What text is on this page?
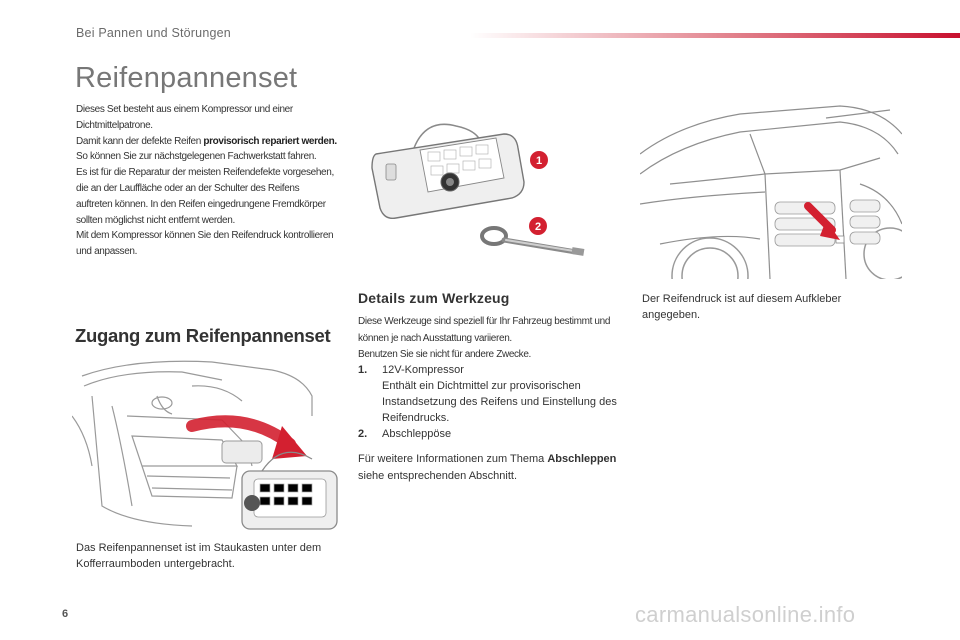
Bei Pannen und Störungen
Reifenpannenset

Dieses Set besteht aus einem Kompressor und einer Dichtmittelpatrone.

Damit kann der defekte Reifen provisorisch repariert werden.

So können Sie zur nächstgelegenen Fachwerkstatt fahren.

Es ist für die Reparatur der meisten Reifendefekte vorgesehen, die an der Lauffläche oder an der Schulter des Reifens auftreten können. In den Reifen eingedrungene Fremdkörper sollten möglichst nicht entfernt werden.

Mit dem Kompressor können Sie den Reifendruck kontrollieren und anpassen.

Zugang zum Reifenpannenset
Das Reifenpannenset ist im Staukasten unter dem Kofferraumboden untergebracht.
1
2
Details zum Werkzeug

Diese Werkzeuge sind speziell für Ihr Fahrzeug bestimmt und können je nach Ausstattung variieren.

Benutzen Sie sie nicht für andere Zwecke.

1.	12V-Kompressor
Enthält ein Dichtmittel zur provisorischen Instandsetzung des Reifens und Einstellung des Reifendrucks.
2.	Abschleppöse
Für weitere Informationen zum Thema Abschleppen siehe entsprechenden Abschnitt.
Der Reifendruck ist auf diesem Aufkleber angegeben.
6	carmanualsonline.info
